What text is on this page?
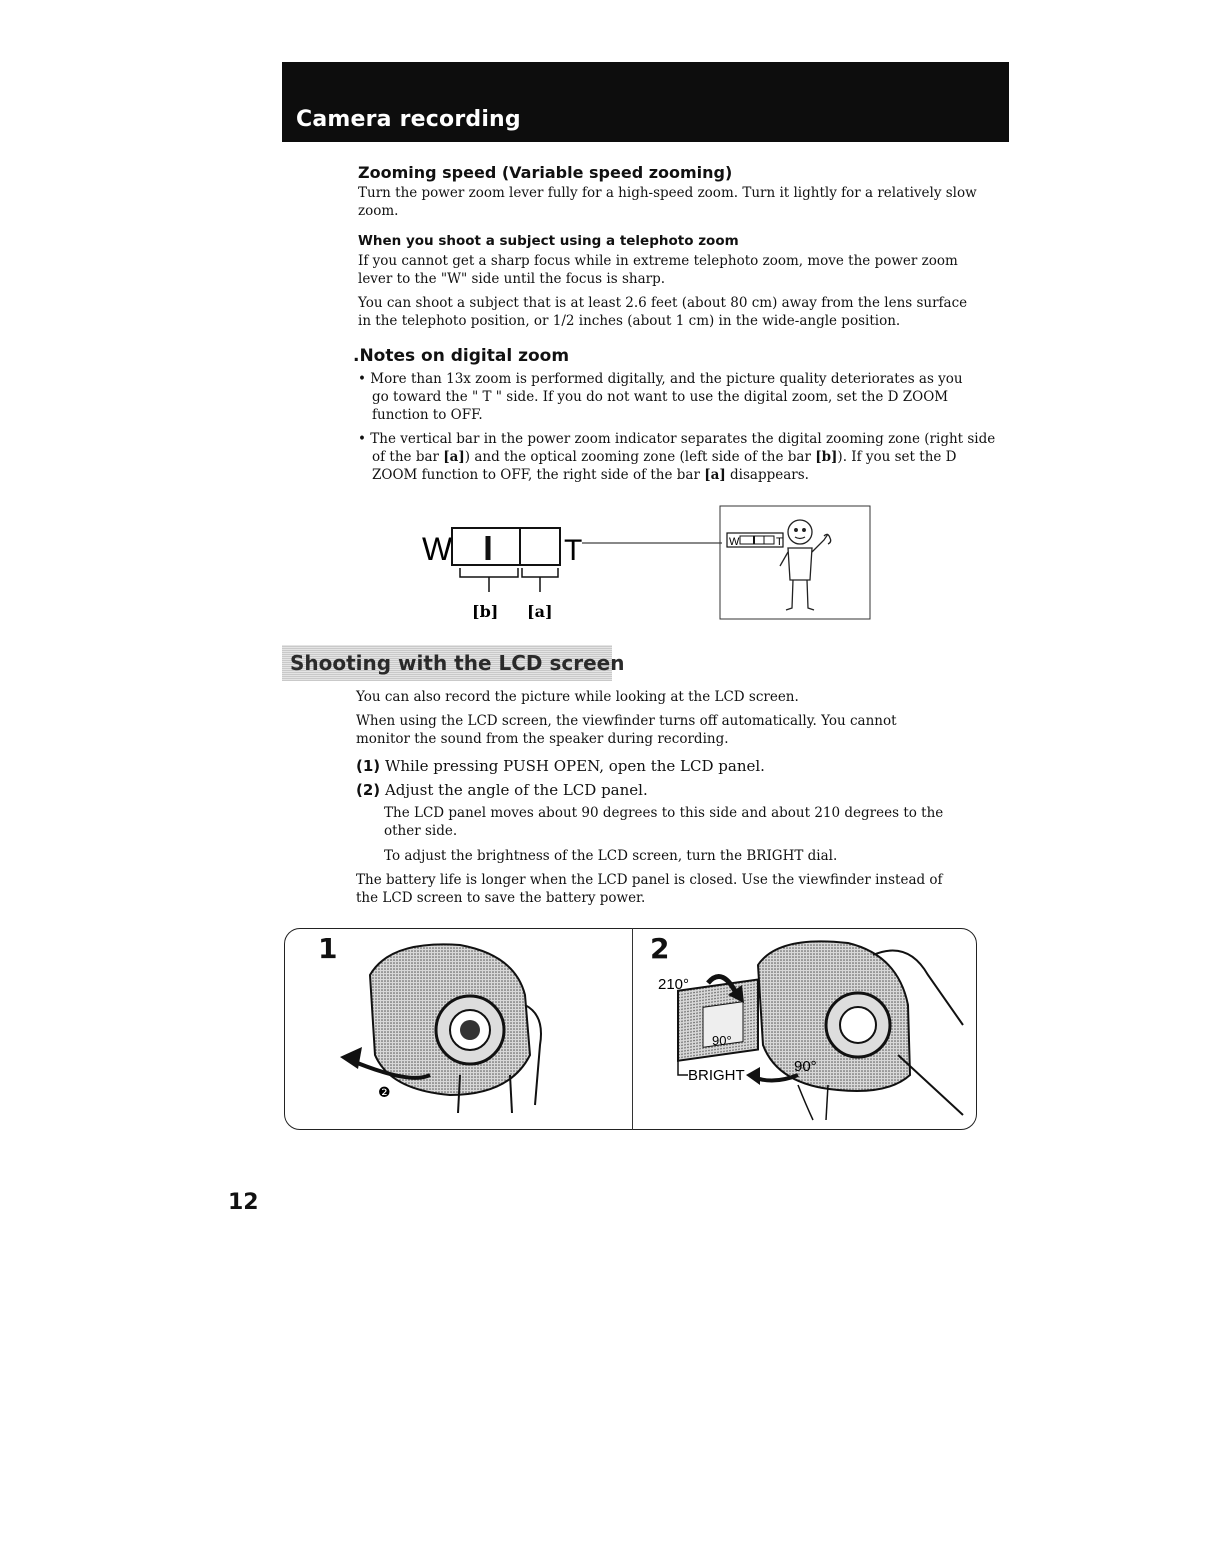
Camera recording
Zooming speed (Variable speed zooming)
Turn the power zoom lever fully for a high-speed zoom. Turn it lightly for a relatively slow zoom.
When you shoot a subject using a telephoto zoom
If you cannot get a sharp focus while in extreme telephoto zoom, move the power zoom lever to the "W" side until the focus is sharp.
You can shoot a subject that is at least 2.6 feet (about 80 cm) away from the lens surface in the telephoto position, or 1/2 inches (about 1 cm) in the wide-angle position.
.Notes on digital zoom
• More than 13x zoom is performed digitally, and the picture quality deteriorates as you go toward the " T " side. If you do not want to use the digital zoom, set the D ZOOM function to OFF.
• The vertical bar in the power zoom indicator separates the digital zooming zone (right side of the bar [a]) and the optical zooming zone (left side of the bar [b]). If you set the D ZOOM function to OFF, the right side of the bar [a] disappears.
W	T
[b] [a]
W	T
Shooting with the LCD screen
You can also record the picture while looking at the LCD screen.
When using the LCD screen, the viewfinder turns off automatically. You cannot monitor the sound from the speaker during recording.
(1) While pressing PUSH OPEN, open the LCD panel.
(2) Adjust the angle of the LCD panel.
The LCD panel moves about 90 degrees to this side and about 210 degrees to the other side.
To adjust the brightness of the LCD screen, turn the BRIGHT dial.
The battery life is longer when the LCD panel is closed. Use the viewfinder instead of the LCD screen to save the battery power.
1	2
❷
210°
90°
BRIGHT
90°
12
